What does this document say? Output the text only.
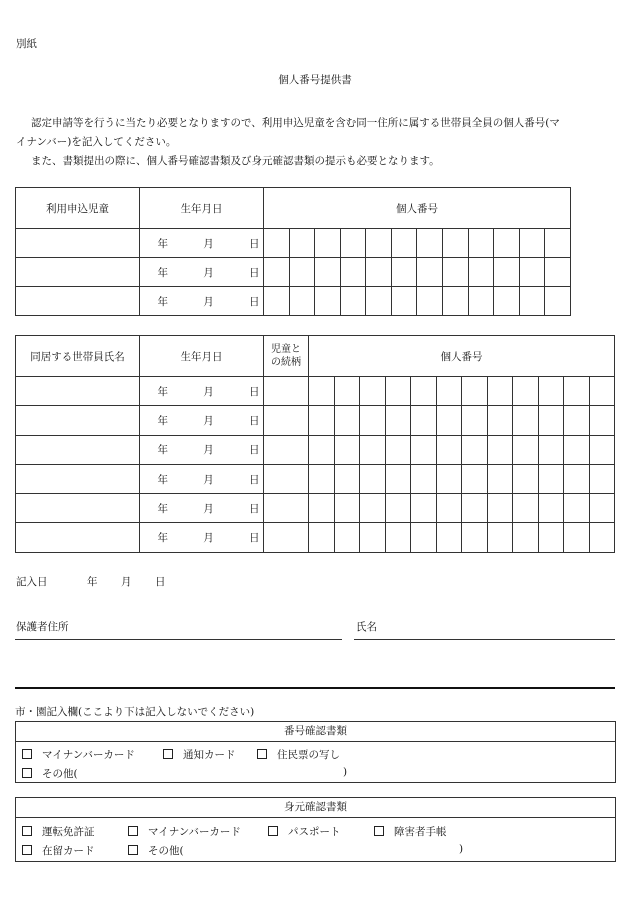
別紙
個人番号提供書
認定申請等を行うに当たり必要となりますので、利用申込児童を含む同一住所に属する世帯員全員の個人番号(マ
イナンバー)を記入してください。
また、書類提出の際に、個人番号確認書類及び身元確認書類の提示も必要となります。
利用申込児童	生年月日	個人番号											
	年 月 日												
	年 月 日												
	年 月 日												
同居する世帯員氏名	生年月日	児童と
の続柄	個人番号											
	年 月 日													
	年 月 日													
	年 月 日													
	年 月 日													
	年 月 日													
	年 月 日													
記入日	年 月 日
保護者住所	氏名
市・園記入欄(ここより下は記入しないでください)
番号確認書類
マイナンバーカード	通知カード	住民票の写し
その他(	)
身元確認書類
運転免許証	マイナンバーカード	パスポート	障害者手帳
在留カード	その他(	)
